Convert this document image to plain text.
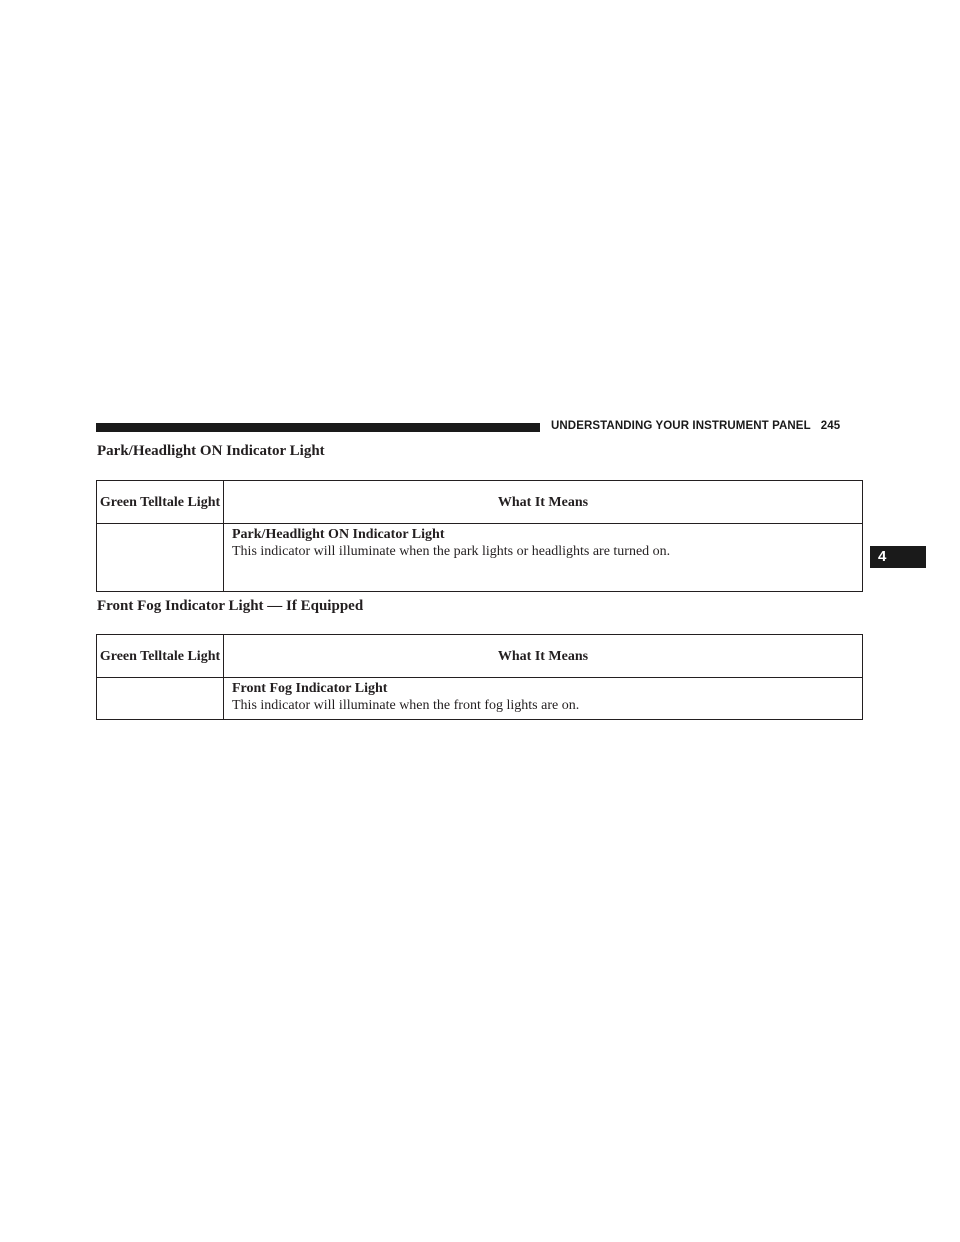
UNDERSTANDING YOUR INSTRUMENT PANEL 245
4
Park/Headlight ON Indicator Light
Green Telltale Light	What It Means

	Park/Headlight ON Indicator Light
This indicator will illuminate when the park lights or headlights are turned on.
Front Fog Indicator Light — If Equipped
Green Telltale Light	What It Means

	Front Fog Indicator Light
This indicator will illuminate when the front fog lights are on.
